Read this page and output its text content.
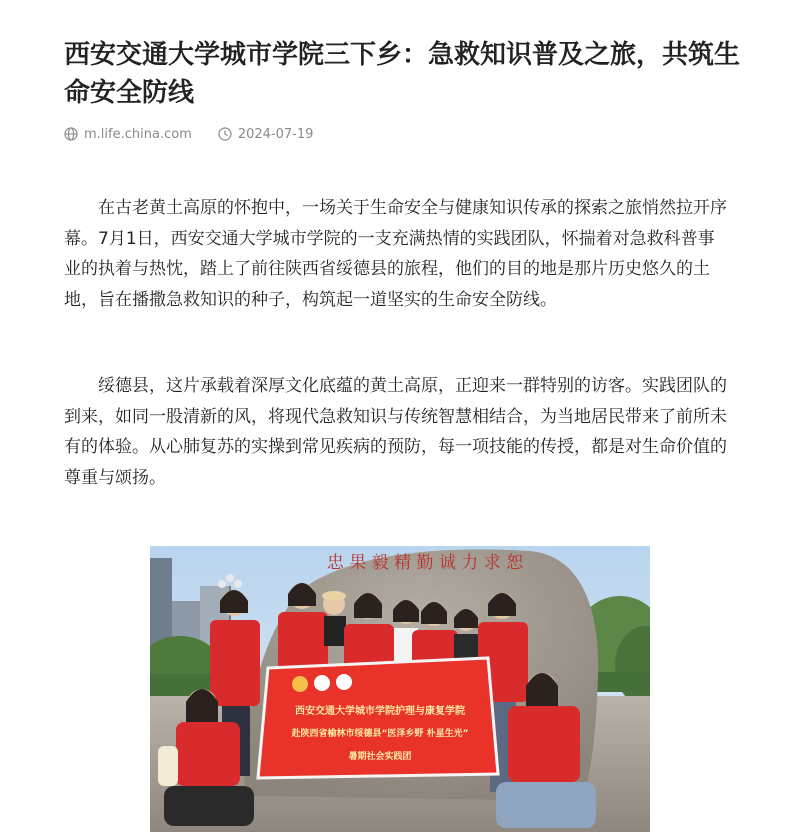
西安交通大学城市学院三下乡：急救知识普及之旅，共筑生命安全防线
m.life.china.com	2024-07-19

在古老黄土高原的怀抱中，一场关于生命安全与健康知识传承的探索之旅悄然拉开序幕。7月1日，西安交通大学城市学院的一支充满热情的实践团队，怀揣着对急救科普事业的执着与热忱，踏上了前往陕西省绥德县的旅程，他们的目的地是那片历史悠久的土地，旨在播撒急救知识的种子，构筑起一道坚实的生命安全防线。

绥德县，这片承载着深厚文化底蕴的黄土高原，正迎来一群特别的访客。实践团队的到来，如同一股清新的风，将现代急救知识与传统智慧相结合，为当地居民带来了前所未有的体验。从心肺复苏的实操到常见疾病的预防，每一项技能的传授，都是对生命价值的尊重与颂扬。

忠 果 毅 精 勤 诚 力 求 恕
西安交通大学城市学院护理与康复学院
赴陕西省榆林市绥德县“医泽乡野 朴星生光”
暑期社会实践团
